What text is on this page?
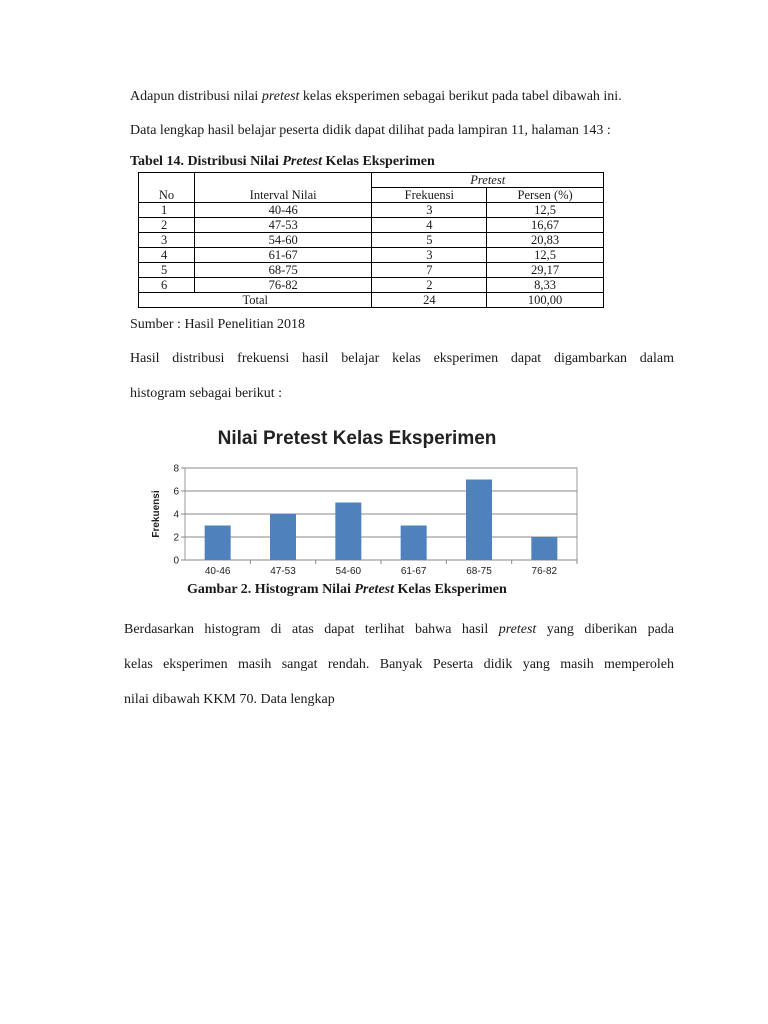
Adapun distribusi nilai pretest kelas eksperimen sebagai berikut pada tabel dibawah ini.
Data lengkap hasil belajar peserta didik dapat dilihat pada lampiran 11, halaman 143 :
Tabel 14. Distribusi Nilai Pretest Kelas Eksperimen
		Pretest	
No	Interval Nilai	Frekuensi	Persen (%)
1	40-46	3	12,5
2	47-53	4	16,67
3	54-60	5	20,83
4	61-67	3	12,5
5	68-75	7	29,17
6	76-82	2	8,33
Total		24	100,00
Sumber : Hasil Penelitian 2018
Hasil distribusi frekuensi hasil belajar kelas eksperimen dapat digambarkan dalam
histogram sebagai berikut :
Nilai Pretest Kelas Eksperimen
0
2
4
6
8
40-46	47-53	54-60	61-67	68-75	76-82
Frekuensi
Gambar 2. Histogram Nilai Pretest Kelas Eksperimen
Berdasarkan histogram di atas dapat terlihat bahwa hasil pretest yang diberikan pada
kelas eksperimen masih sangat rendah. Banyak Peserta didik yang masih memperoleh
nilai dibawah KKM 70. Data lengkap
